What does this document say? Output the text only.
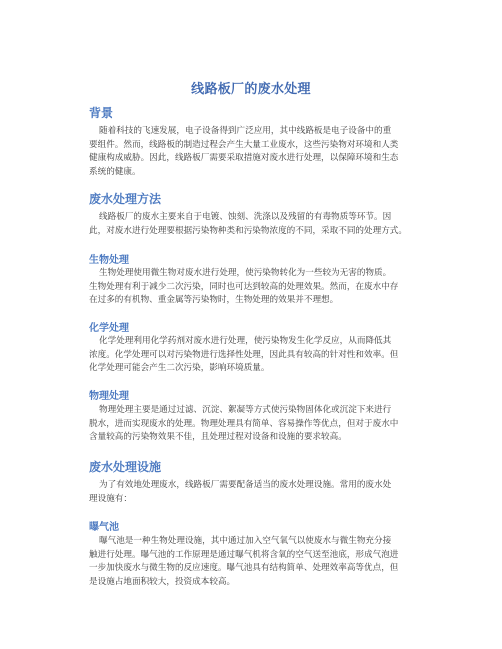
线路板厂的废水处理
背景
随着科技的飞速发展，电子设备得到广泛应用，其中线路板是电子设备中的重
要组件。然而，线路板的制造过程会产生大量工业废水，这些污染物对环境和人类
健康构成威胁。因此，线路板厂需要采取措施对废水进行处理，以保障环境和生态
系统的健康。
废水处理方法
线路板厂的废水主要来自于电镀、蚀刻、洗涤以及残留的有毒物质等环节。因
此，对废水进行处理要根据污染物种类和污染物浓度的不同，采取不同的处理方式。
生物处理
生物处理使用微生物对废水进行处理，使污染物转化为一些较为无害的物质。
生物处理有利于减少二次污染，同时也可达到较高的处理效果。然而，在废水中存
在过多的有机物、重金属等污染物时，生物处理的效果并不理想。
化学处理
化学处理利用化学药剂对废水进行处理，使污染物发生化学反应，从而降低其
浓度。化学处理可以对污染物进行选择性处理，因此具有较高的针对性和效率。但
化学处理可能会产生二次污染，影响环境质量。
物理处理
物理处理主要是通过过滤、沉淀、絮凝等方式使污染物固体化或沉淀下来进行
脱水，进而实现废水的处理。物理处理具有简单、容易操作等优点，但对于废水中
含量较高的污染物效果不佳，且处理过程对设备和设施的要求较高。
废水处理设施
为了有效地处理废水，线路板厂需要配备适当的废水处理设施。常用的废水处
理设施有：
曝气池
曝气池是一种生物处理设施，其中通过加入空气氧气以使废水与微生物充分接
触进行处理。曝气池的工作原理是通过曝气机将含氧的空气送至池底，形成气泡进
一步加快废水与微生物的反应速度。曝气池具有结构简单、处理效率高等优点，但
是设施占地面积较大，投资成本较高。
